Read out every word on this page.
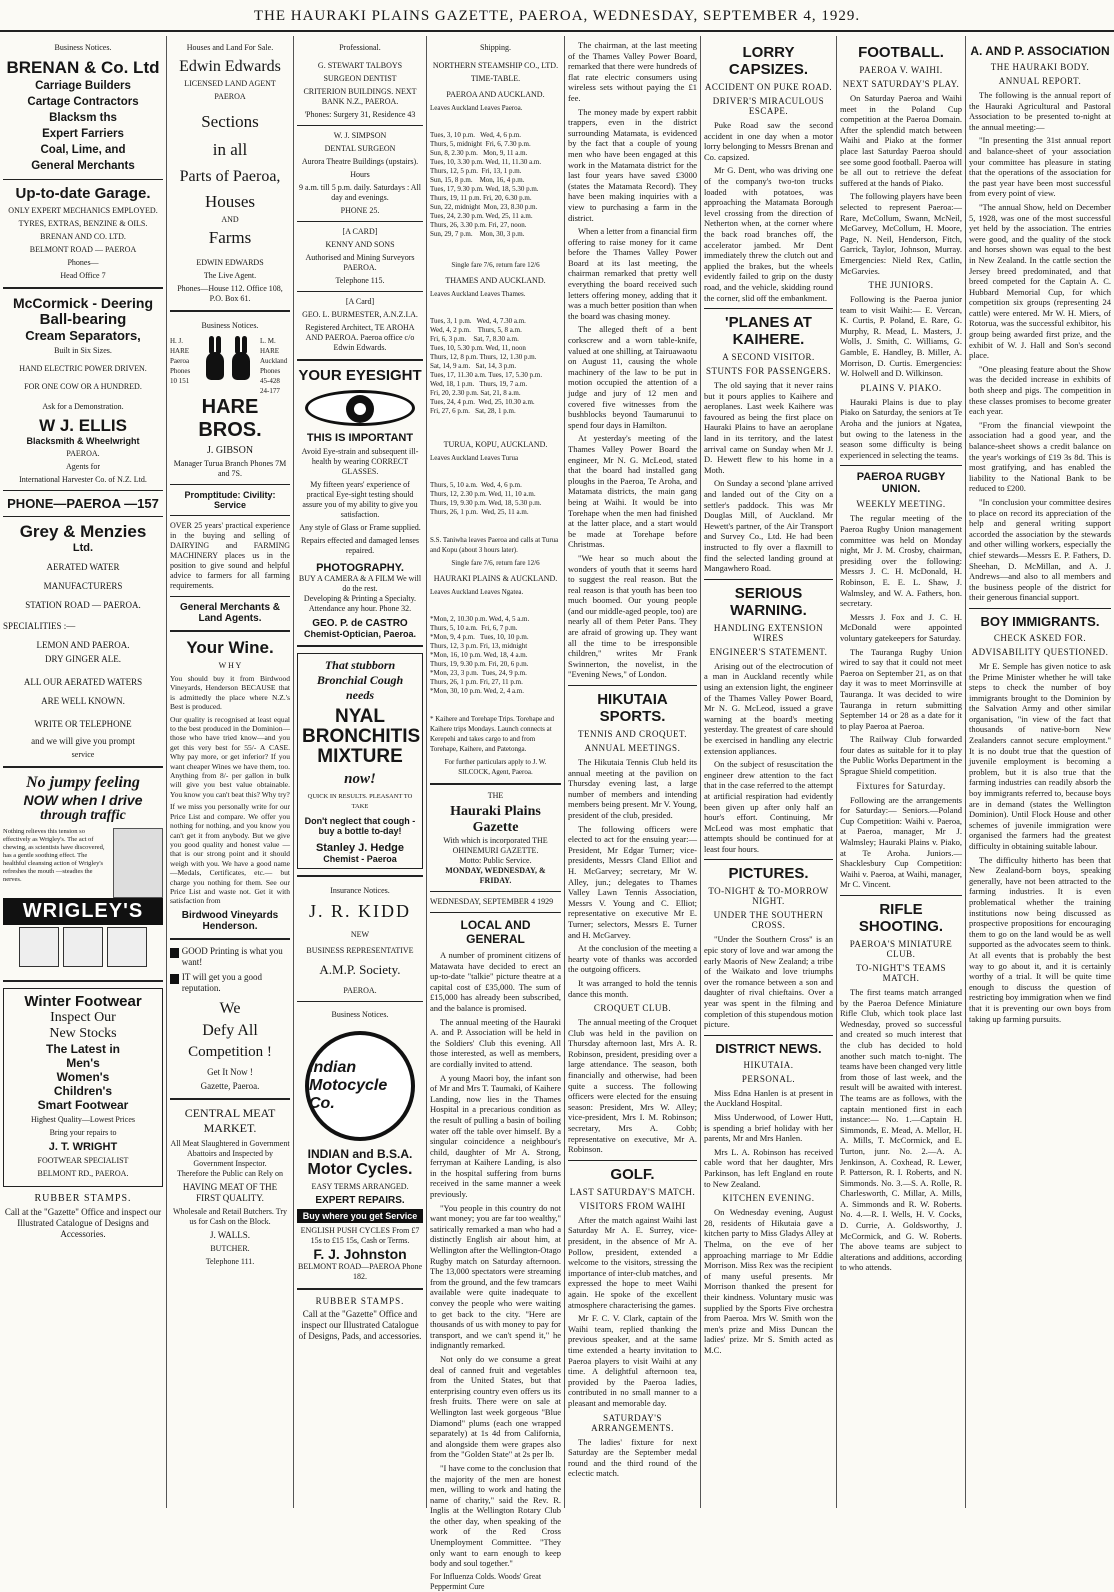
THE HAURAKI PLAINS GAZETTE, PAEROA, WEDNESDAY, SEPTEMBER 4, 1929.
Business Notices.
BRENAN & Co. Ltd
Carriage Builders
Cartage Contractors
Blacksm ths
Expert Farriers
Coal, Lime, and
General Merchants
Up-to-date Garage.
ONLY EXPERT MECHANICS EMPLOYED.
TYRES, EXTRAS, BENZINE & OILS.
BRENAN AND CO. LTD.
BELMONT ROAD — PAEROA
Phones—
Head Office 7
McCormick - Deering
Ball-bearing
Cream Separators,
Built in Six Sizes.
HAND ELECTRIC POWER DRIVEN.
FOR ONE COW OR A HUNDRED.
Ask for a Demonstration.
W J. ELLIS
Blacksmith & Wheelwright
PAEROA.
Agents for
International Harvester Co. of N.Z. Ltd.
PHONE—PAEROA —157
Grey & Menzies
Ltd.
AERATED WATER
MANUFACTURERS
STATION ROAD — PAEROA.
SPECIALITIES :—
LEMON AND PAEROA.
DRY GINGER ALE.
ALL OUR AERATED WATERS
ARE WELL KNOWN.
WRITE OR TELEPHONE
and we will give you prompt
service
No jumpy feeling
NOW when I drive
through traffic
Nothing relieves this tension so effectively as Wrigley's. The act of chewing, as scientists have discovered, has a gentle soothing effect. The healthful cleansing action of Wrigley's refreshes the mouth —steadies the nerves.
WRIGLEY'S
Winter Footwear
Inspect Our
New Stocks
The Latest in
Men's
Women's
Children's
Smart Footwear
Highest Quality—Lowest Prices
Bring your repairs to
J. T. WRIGHT
FOOTWEAR SPECIALIST
BELMONT RD., PAEROA.
RUBBER STAMPS.
Call at the "Gazette" Office and inspect our Illustrated Catalogue of Designs and Accessories.
Houses and Land For Sale.
Edwin Edwards
LICENSED LAND AGENT
PAEROA
Sections
in all
Parts of Paeroa,
Houses
AND
Farms
EDWIN EDWARDS
The Live Agent.
Phones—House 112. Office 108, P.O. Box 61.
Business Notices.
H. J. HARE Paeroa Phones 10 151
L. M. HARE Auckland Phones 45-428 24-177
HARE BROS.
J. GIBSON
Manager Turua Branch Phones 7M and 7S.
Promptitude: Civility: Service
OVER 25 years' practical experience in the buying and selling of DAIRYING and FARMING MACHINERY places us in the position to give sound and helpful advice to farmers for all farming requirements.
General Merchants & Land Agents.
Your Wine.
W H Y
You should buy it from Birdwood Vineyards, Henderson BECAUSE that is admittedly the place where N.Z.'s Best is produced.
Our quality is recognised at least equal to the best produced in the Dominion—those who have tried know—and you get this very best for 55/- A CASE. Why pay more, or get inferior? If you want cheaper Wines we have them, too. Anything from 8/- per gallon in bulk will give you best value obtainable. You know you can't beat this? Why try?
If we miss you personally write for our Price List and compare. We offer you nothing for nothing, and you know you can't get it from anybody. But we give you good quality and honest value — that is our strong point and it should weigh with you. We have a good name—Medals, Certificates, etc.— but charge you nothing for them. See our Price List and waste not. Get it with satisfaction from
Birdwood Vineyards Henderson.
GOOD Printing is what you want!
IT will get you a good reputation.
We
Defy All
Competition !
Get It Now !
Gazette, Paeroa.
CENTRAL MEAT MARKET.
All Meat Slaughtered in Government Abattoirs and Inspected by Government Inspector.
Therefore the Public can Rely on
HAVING MEAT OF THE FIRST QUALITY.
Wholesale and Retail Butchers. Try us for Cash on the Block.
J. WALLS.
BUTCHER.
Telephone 111.
Professional.
G. STEWART TALBOYS
SURGEON DENTIST
CRITERION BUILDINGS. NEXT BANK N.Z., PAEROA.
'Phones: Surgery 31, Residence 43
W. J. SIMPSON
DENTAL SURGEON
Aurora Theatre Buildings (upstairs).
Hours
9 a.m. till 5 p.m. daily. Saturdays : All day and evenings.
PHONE 25.
[A CARD]
KENNY AND SONS
Authorised and Mining Surveyors PAEROA.
Telephone 115.
[A Card]
GEO. L. BURMESTER, A.N.Z.I.A.
Registered Architect, TE AROHA AND PAEROA. Paeroa office c/o Edwin Edwards.
YOUR EYESIGHT
THIS IS IMPORTANT
Avoid Eye-strain and subsequent ill-health by wearing CORRECT GLASSES.
My fifteen years' experience of practical Eye-sight testing should assure you of my ability to give you satisfaction.
Any style of Glass or Frame supplied.
Repairs effected and damaged lenses repaired.
PHOTOGRAPHY.
BUY A CAMERA & A FILM We will do the rest.
Developing & Printing a Specialty. Attendance any hour. Phone 32.
GEO. P. de CASTRO
Chemist-Optician, Paeroa.
That stubborn Bronchial Cough needs
NYAL BRONCHITIS MIXTURE
now!
QUICK IN RESULTS. PLEASANT TO TAKE
Don't neglect that cough -buy a bottle to-day!
Stanley J. Hedge
Chemist - Paeroa
Insurance Notices.
J. R. KIDD
NEW
BUSINESS REPRESENTATIVE
A.M.P. Society.
PAEROA.
Business Notices.
Indian Motocycle Co.
INDIAN and B.S.A.
Motor Cycles.
EASY TERMS ARRANGED.
EXPERT REPAIRS.
Buy where you get Service
ENGLISH PUSH CYCLES From £7 15s to £15 15s, Cash or Terms.
F. J. Johnston
BELMONT ROAD—PAEROA Phone 182.
RUBBER STAMPS.
Call at the "Gazette" Office and inspect our Illustrated Catalogue of Designs, Pads, and accessories.
Shipping.
NORTHERN STEAMSHIP CO., LTD.
TIME-TABLE.
PAEROA AND AUCKLAND.
Leaves Auckland Leaves Paeroa.

Tues, 3, 10 p.m.   Wed, 4, 6 p.m.
Thurs, 5, midnight  Fri, 6, 7.30 p.m.
Sun, 8, 2.30 p.m.   Mon, 9, 11 a.m.
Tues, 10, 3.30 p.m. Wed, 11, 11.30 a.m.
Thurs, 12, 5 p.m.  Fri, 13, 1 p.m.
Sun, 15, 8 p.m.    Mon, 16, 4 p.m.
Tues, 17, 9.30 p.m. Wed, 18, 5.30 p.m.
Thurs, 19, 11 p.m. Fri, 20, 6.30 p.m.
Sun, 22, midnight  Mon, 23, 8.30 p.m.
Tues, 24, 2.30 p.m. Wed, 25, 11 a.m.
Thurs, 26, 3.30 p.m. Fri, 27, noon.
Sun, 29, 7 p.m.    Mon, 30, 3 p.m.

Single fare 7/6, return fare 12/6
THAMES AND AUCKLAND.
Leaves Auckland Leaves Thames.

Tues, 3, 1 p.m.   Wed, 4, 7.30 a.m.
Wed, 4, 2 p.m.    Thurs, 5, 8 a.m.
Fri, 6, 3 p.m.    Sat, 7, 8.30 a.m.
Tues, 10, 5.30 p.m. Wed, 11, noon
Thurs, 12, 8 p.m. Thurs, 12, 1.30 p.m.
Sat, 14, 9 a.m.   Sat, 14, 3 p.m.
Tues, 17, 11.30 a.m. Tues, 17, 5.30 p.m.
Wed, 18, 1 p.m.   Thurs, 19, 7 a.m.
Fri, 20, 2.30 p.m. Sat, 21, 8 a.m.
Tues, 24, 4 p.m.  Wed, 25, 10.30 a.m.
Fri, 27, 6 p.m.   Sat, 28, 1 p.m.

TURUA, KOPU, AUCKLAND.
Leaves Auckland Leaves Turua

Thurs, 5, 10 a.m.  Wed, 4, 6 p.m.
Thurs, 12, 2.30 p.m. Wed, 11, 10 a.m.
Thurs, 19, 9.30 p.m. Wed, 18, 5.30 p.m.
Thurs, 26, 1 p.m.  Wed, 25, 11 a.m.

S.S. Taniwha leaves Paeroa and calls at Turua and Kopu (about 3 hours later).
Single fare 7/6, return fare 12/6
HAURAKI PLAINS & AUCKLAND.
Leaves Auckland Leaves Ngatea.

*Mon, 2, 10.30 p.m. Wed, 4, 5 a.m.
Thurs, 5, 10 a.m.  Fri, 6, 7 p.m.
*Mon, 9, 4 p.m.   Tues, 10, 10 p.m.
Thurs, 12, 3 p.m. Fri, 13, midnight
*Mon, 16, 10 p.m. Wed, 18, 4 a.m.
Thurs, 19, 9.30 p.m. Fri, 20, 6 p.m.
*Mon, 23, 3 p.m.  Tues, 24, 9 p.m.
Thurs, 26, 1 p.m. Fri, 27, 11 p.m.
*Mon, 30, 10 p.m. Wed, 2, 4 a.m.

* Kaihere and Torehape Trips. Torehape and Kaihere trips Mondays. Launch connects at Kerepehi and takes cargo to and from Torehape, Kaihere, and Patetonga.
For further particulars apply to J. W. SILCOCK, Agent, Paeroa.
THE
Hauraki Plains Gazette
With which is incorporated THE OHINEMURI GAZETTE.
Motto: Public Service.
MONDAY, WEDNESDAY, & FRIDAY.
WEDNESDAY, SEPTEMBER 4 1929
LOCAL AND GENERAL
A number of prominent citizens of Matawata have decided to erect an up-to-date "talkie" picture theatre at a capital cost of £35,000. The sum of £15,000 has already been subscribed, and the balance is promised.
The annual meeting of the Hauraki A. and P. Association will be held in the Soldiers' Club this evening. All those interested, as well as members, are cordially invited to attend.
A young Maori boy, the infant son of Mr and Mrs T. Taumaki, of Kaihere Landing, now lies in the Thames Hospital in a precarious condition as the result of pulling a basin of boiling water off the table over himself. By a singular coincidence a neighbour's child, daughter of Mr A. Strong, ferryman at Kaihere Landing, is also in the hospital suffering from burns received in the same manner a week previously.
"You people in this country do not want money; you are far too wealthy," satirically remarked a man who had a distinctly English air about him, at Wellington after the Wellington-Otago Rugby match on Saturday afternoon. The 13,000 spectators were streaming from the ground, and the few tramcars available were quite inadequate to convey the people who were waiting to get back to the city. "Here are thousands of us with money to pay for transport, and we can't spend it," he indignantly remarked.
Not only do we consume a great deal of canned fruit and vegetables from the United States, but that enterprising country even offers us its fresh fruits. There were on sale at Wellington last week gorgeous "Blue Diamond" plums (each one wrapped separately) at 1s 4d from California, and alongside them were grapes also from the "Golden State" at 2s per lb.
"I have come to the conclusion that the majority of the men are honest men, willing to work and hating the name of charity," said the Rev. R. Inglis at the Wellington Rotary Club the other day, when speaking of the work of the Red Cross Unemployment Committee. "They only want to earn enough to keep body and soul together."
For Influenza Colds. Woods' Great Peppermint Cure
The chairman, at the last meeting of the Thames Valley Power Board, remarked that there were hundreds of flat rate electric consumers using wireless sets without paying the £1 fee.
The money made by expert rabbit trappers, even in the district surrounding Matamata, is evidenced by the fact that a couple of young men who have been engaged at this work in the Matamata district for the last four years have saved £3000 (states the Matamata Record). They have been making inquiries with a view to purchasing a farm in the district.
When a letter from a financial firm offering to raise money for it came before the Thames Valley Power Board at its last meeting, the chairman remarked that pretty well everything the board received such letters offering money, adding that it was a much better position than when the board was chasing money.
The alleged theft of a bent corkscrew and a worn table-knife, valued at one shilling, at Tairuawaotu on August 11, causing the whole machinery of the law to be put in motion occupied the attention of a judge and jury of 12 men and covered five witnesses from the bushblocks beyond Taumarunui to spend four days in Hamilton.
At yesterday's meeting of the Thames Valley Power Board the engineer, Mr N. G. McLeod, stated that the board had installed gang ploughs in the Paeroa, Te Aroha, and Matamata districts, the main gang being at Waihi. It would be into Torehape when the men had finished at the latter place, and a start would be made at Torehape before Christmas.
"We hear so much about the wonders of youth that it seems hard to suggest the real reason. But the real reason is that youth has been too much boomed. Our young people (and our middle-aged people, too) are nearly all of them Peter Pans. They are afraid of growing up. They want all the time to be irresponsible children," writes Mr Frank Swinnerton, the novelist, in the "Evening News," of London.
HIKUTAIA SPORTS.
TENNIS AND CROQUET.
ANNUAL MEETINGS.
The Hikutaia Tennis Club held its annual meeting at the pavilion on Thursday evening last, a large number of members and intending members being present. Mr V. Young, president of the club, presided.
The following officers were elected to act for the ensuing year:—President, Mr Edgar Turner; vice-presidents, Messrs Cland Elliot and H. McGarvey; secretary, Mr W. Alley, jun.; delegates to Thames Valley Lawn Tennis Association, Messrs V. Young and C. Elliot; representative on executive Mr E. Turner; selectors, Messrs E. Turner and H. McGarvey.
At the conclusion of the meeting a hearty vote of thanks was accorded the outgoing officers.
It was arranged to hold the tennis dance this month.
CROQUET CLUB.
The annual meeting of the Croquet Club was held in the pavilion on Thursday afternoon last, Mrs A. R. Robinson, president, presiding over a large attendance. The season, both financially and otherwise, had been quite a success. The following officers were elected for the ensuing season: President, Mrs W. Alley; vice-president, Mrs I. M. Robinson; secretary, Mrs A. Cobb; representative on executive, Mr A. Robinson.
GOLF.
LAST SATURDAY'S MATCH.
VISITORS FROM WAIHI
After the match against Waihi last Saturday Mr A. E. Surrey, vice-president, in the absence of Mr A. Pollow, president, extended a welcome to the visitors, stressing the importance of inter-club matches, and expressed the hope to meet Waihi again. He spoke of the excellent atmosphere characterising the games.
Mr F. C. V. Clark, captain of the Waihi team, replied thanking the previous speaker, and at the same time extended a hearty invitation to Paeroa players to visit Waihi at any time. A delightful afternoon tea, provided by the Paeroa ladies, contributed in no small manner to a pleasant and memorable day.
SATURDAY'S ARRANGEMENTS.
The ladies' fixture for next Saturday are the September medal round and the third round of the eclectic match.
LORRY CAPSIZES.
ACCIDENT ON PUKE ROAD.
DRIVER'S MIRACULOUS ESCAPE.
Puke Road saw the second accident in one day when a motor lorry belonging to Messrs Brenan and Co. capsized.
Mr G. Dent, who was driving one of the company's two-ton trucks loaded with potatoes, was approaching the Matamata Borough level crossing from the direction of Netherton when, at the corner where the back road branches off, the accelerator jambed. Mr Dent immediately threw the clutch out and applied the brakes, but the wheels evidently failed to grip on the dusty road, and the vehicle, skidding round the corner, slid off the embankment.
'PLANES AT KAIHERE.
A SECOND VISITOR.
STUNTS FOR PASSENGERS.
The old saying that it never rains but it pours applies to Kaihere and aeroplanes. Last week Kaihere was favoured as being the first place on Hauraki Plains to have an aeroplane land in its territory, and the latest arrival came on Sunday when Mr J. D. Hewett flew to his home in a Moth.
On Sunday a second 'plane arrived and landed out of the City on a settler's paddock. This was Mr Douglas Mill, of Auckland. Mr Hewett's partner, of the Air Transport and Survey Co., Ltd. He had been instructed to fly over a flaxmill to find the selected landing ground at Mangawhero Road.
SERIOUS WARNING.
HANDLING EXTENSION WIRES
ENGINEER'S STATEMENT.
Arising out of the electrocution of a man in Auckland recently while using an extension light, the engineer of the Thames Valley Power Board, Mr N. G. McLeod, issued a grave warning at the board's meeting yesterday. The greatest of care should be exercised in handling any electric extension appliances.
On the subject of resuscitation the engineer drew attention to the fact that in the case referred to the attempt at artificial respiration had evidently been given up after only half an hour's effort. Continuing, Mr McLeod was most emphatic that attempts should be continued for at least four hours.
PICTURES.
TO-NIGHT & TO-MORROW NIGHT.
UNDER THE SOUTHERN CROSS.
"Under the Southern Cross" is an epic story of love and war among the early Maoris of New Zealand; a tribe of the Waikato and love triumphs over the romance between a son and daughter of rival chieftains. Over a year was spent in the filming and completion of this stupendous motion picture.
DISTRICT NEWS.
HIKUTAIA.
PERSONAL.
Miss Edna Hanlen is at present in the Auckland Hospital.
Miss Underwood, of Lower Hutt, is spending a brief holiday with her parents, Mr and Mrs Hanlen.
Mrs L. A. Robinson has received cable word that her daughter, Mrs Parkinson, has left England en route to New Zealand.
KITCHEN EVENING.
On Wednesday evening, August 28, residents of Hikutaia gave a kitchen party to Miss Gladys Alley at Thelma, on the eve of her approaching marriage to Mr Eddie Morrison. Miss Rex was the recipient of many useful presents. Mr Morrison thanked the present for their kindness. Voluntary music was supplied by the Sports Five orchestra from Paeroa. Mrs W. Smith won the men's prize and Miss Duncan the ladies' prize. Mr S. Smith acted as M.C.
FOOTBALL.
PAEROA V. WAIHI.
NEXT SATURDAY'S PLAY.
On Saturday Paeroa and Waihi meet in the Poland Cup competition at the Paeroa Domain. After the splendid match between Waihi and Piako at the former place last Saturday Paeroa should see some good football. Paeroa will be all out to retrieve the defeat suffered at the hands of Piako.
The following players have been selected to represent Paeroa:— Rare, McCollum, Swann, McNeil, McGarvey, McCollum, H. Moore, Page, N. Neil, Henderson, Fitch, Garrick, Taylor, Johnson, Murray. Emergencies: Nield Rex, Catlin, McGarvies.
THE JUNIORS.
Following is the Paeroa junior team to visit Waihi:— E. Vercan, K. Curtis, P. Poland, E. Rare, G. Murphy, R. Mead, L. Masters, J. Wolls, J. Smith, C. Williams, G. Gamble, E. Handley, B. Miller, A. Morrison, D. Curtis. Emergencies: W. Holwell and D. Wilkinson.
PLAINS V. PIAKO.
Hauraki Plains is due to play Piako on Saturday, the seniors at Te Aroha and the juniors at Ngatea, but owing to the lateness in the season some difficulty is being experienced in selecting the teams.
PAEROA RUGBY UNION.
WEEKLY MEETING.
The regular meeting of the Paeroa Rugby Union management committee was held on Monday night, Mr J. M. Crosby, chairman, presiding over the following: Messrs J. C. H. McDonald, H. Robinson, E. E. L. Shaw, J. Walmsley, and W. A. Fathers, hon. secretary.
Messrs J. Fox and J. C. H. McDonald were appointed voluntary gatekeepers for Saturday.
The Tauranga Rugby Union wired to say that it could not meet Paeroa on September 21, as on that day it was to meet Morrinsville at Tauranga. It was decided to wire Tauranga in return submitting September 14 or 28 as a date for it to play Paeroa at Paeroa.
The Railway Club forwarded four dates as suitable for it to play the Public Works Department in the Sprague Shield competition.
Fixtures for Saturday.
Following are the arrangements for Saturday:— Seniors.—Poland Cup Competition: Waihi v. Paeroa, at Paeroa, manager, Mr J. Walmsley; Hauraki Plains v. Piako, at Te Aroha. Juniors.—Shacklesbury Cup Competition: Waihi v. Paeroa, at Waihi, manager, Mr C. Vincent.
RIFLE SHOOTING.
PAEROA'S MINIATURE CLUB.
TO-NIGHT'S TEAMS MATCH.
The first teams match arranged by the Paeroa Defence Miniature Rifle Club, which took place last Wednesday, proved so successful and created so much interest that the club has decided to hold another such match to-night. The teams have been changed very little from those of last week, and the result will be awaited with interest. The teams are as follows, with the captain mentioned first in each instance:— No. 1.—Captain H. Simmonds, E. Mead, A. Mellor, H. A. Mills, T. McCormick, and E. Turton, junr. No. 2.—A. A. Jenkinson, A. Coxhead, R. Lewer, P. Patterson, R. I. Roberts, and N. Simmonds. No. 3.—S. A. Rolle, R. Charlesworth, C. Millar, A. Mills, A. Simmonds and R. W. Roberts. No. 4.—R. I. Wells, H. V. Cocks, D. Currie, A. Goldsworthy, J. McCormick, and G. W. Roberts. The above teams are subject to alterations and additions, according to who attends.
A. AND P. ASSOCIATION
THE HAURAKI BODY.
ANNUAL REPORT.
The following is the annual report of the Hauraki Agricultural and Pastoral Association to be presented to-night at the annual meeting:—
"In presenting the 31st annual report and balance-sheet of your association your committee has pleasure in stating that the operations of the association for the past year have been most successful from every point of view.
"The annual Show, held on December 5, 1928, was one of the most successful yet held by the association. The entries were good, and the quality of the stock and horses shown was equal to the best in New Zealand. In the cattle section the Jersey breed predominated, and that breed competed for the Captain A. C. Hubbard Memorial Cup, for which competition six groups (representing 24 cattle) were entered. Mr W. H. Miers, of Rotorua, was the successful exhibitor, his group being awarded first prize, and the exhibit of W. J. Hall and Son's second place.
"One pleasing feature about the Show was the decided increase in exhibits of both sheep and pigs. The competition in these classes promises to become greater each year.
"From the financial viewpoint the association had a good year, and the balance-sheet shows a credit balance on the year's workings of £19 3s 8d. This is most gratifying, and has enabled the liability to the National Bank to be reduced to £200.
"In conclusion your committee desires to place on record its appreciation of the help and general writing support accorded the association by the stewards and other willing workers, especially the chief stewards—Messrs E. P. Fathers, D. Sheehan, D. McMillan, and A. J. Andrews—and also to all members and the business people of the district for their generous financial support.
BOY IMMIGRANTS.
CHECK ASKED FOR.
ADVISABILITY QUESTIONED.
Mr E. Semple has given notice to ask the Prime Minister whether he will take steps to check the number of boy immigrants brought to the Dominion by the Salvation Army and other similar organisation, "in view of the fact that thousands of native-born New Zealanders cannot secure employment." It is no doubt true that the question of juvenile employment is becoming a problem, but it is also true that the farming industries can readily absorb the boy immigrants referred to, because boys are in demand (states the Wellington Dominion). Until Flock House and other schemes of juvenile immigration were organised the farmers had the greatest difficulty in obtaining suitable labour.
The difficulty hitherto has been that New Zealand-born boys, speaking generally, have not been attracted to the farming industries. It is even problematical whether the training institutions now being discussed as prospective propositions for encouraging them to go on the land would be as well supported as the advocates seem to think. At all events that is probably the best way to go about it, and it is certainly worthy of a trial. It will be quite time enough to discuss the question of restricting boy immigration when we find that it is preventing our own boys from taking up farming pursuits.
